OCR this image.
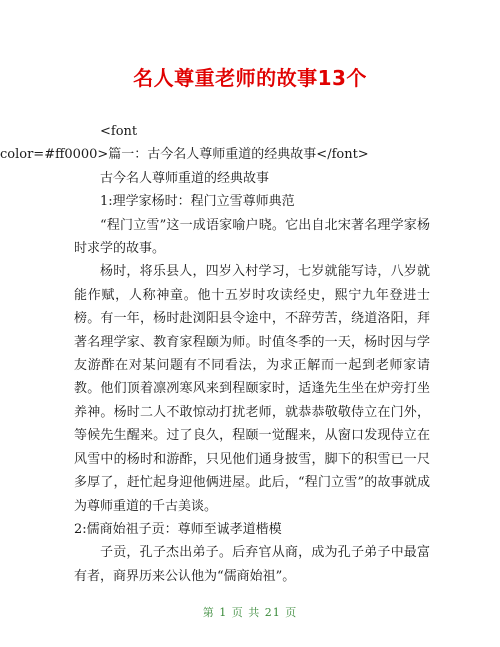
名人尊重老师的故事13个

<font

color=#ff0000>篇一：古今名人尊师重道的经典故事</font>

古今名人尊师重道的经典故事

1:理学家杨时：程门立雪尊师典范

“程门立雪”这一成语家喻户晓。它出自北宋著名理学家杨时求学的故事。

杨时，将乐县人，四岁入村学习，七岁就能写诗，八岁就能作赋，人称神童。他十五岁时攻读经史，熙宁九年登进士榜。有一年，杨时赴浏阳县令途中，不辞劳苦，绕道洛阳，拜著名理学家、教育家程颐为师。时值冬季的一天，杨时因与学友游酢在对某问题有不同看法，为求正解而一起到老师家请教。他们顶着凛冽寒风来到程颐家时，适逢先生坐在炉旁打坐养神。杨时二人不敢惊动打扰老师，就恭恭敬敬侍立在门外，等候先生醒来。过了良久，程颐一觉醒来，从窗口发现侍立在风雪中的杨时和游酢，只见他们通身披雪，脚下的积雪已一尺多厚了，赶忙起身迎他俩进屋。此后，“程门立雪”的故事就成为尊师重道的千古美谈。

2:儒商始祖子贡：尊师至诚孝道楷模

子贡，孔子杰出弟子。后弃官从商，成为孔子弟子中最富有者，商界历来公认他为“儒商始祖”。

第 1 页 共 21 页
